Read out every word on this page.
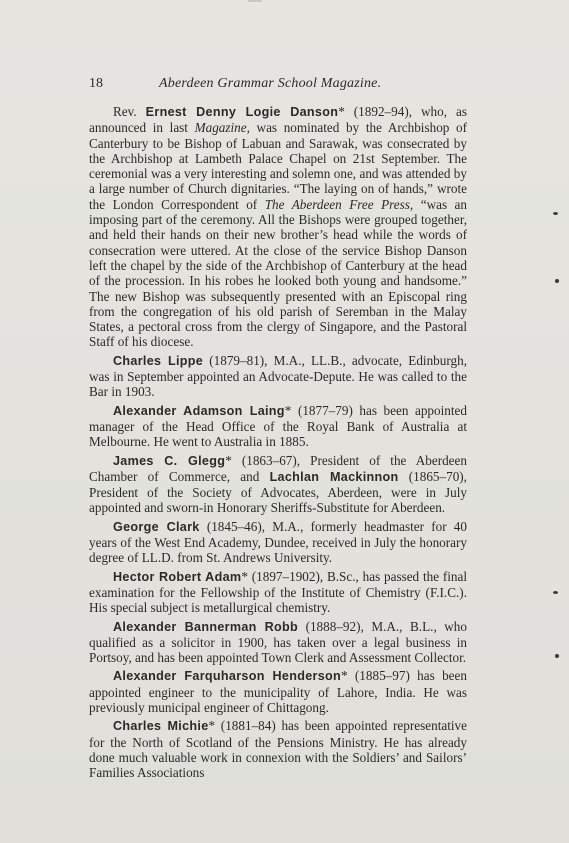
18	Aberdeen Grammar School Magazine.

Rev. Ernest Denny Logie Danson* (1892–94), who, as announced in last Magazine, was nominated by the Archbishop of Canterbury to be Bishop of Labuan and Sarawak, was consecrated by the Archbishop at Lambeth Palace Chapel on 21st September. The ceremonial was a very interesting and solemn one, and was attended by a large number of Church dignitaries. “The laying on of hands,” wrote the London Correspondent of The Aberdeen Free Press, “was an imposing part of the ceremony. All the Bishops were grouped together, and held their hands on their new brother’s head while the words of consecration were uttered. At the close of the service Bishop Danson left the chapel by the side of the Archbishop of Canterbury at the head of the procession. In his robes he looked both young and handsome.” The new Bishop was subsequently presented with an Episcopal ring from the congregation of his old parish of Seremban in the Malay States, a pectoral cross from the clergy of Singapore, and the Pastoral Staff of his diocese.

Charles Lippe (1879–81), M.A., LL.B., advocate, Edinburgh, was in September appointed an Advocate-Depute. He was called to the Bar in 1903.

Alexander Adamson Laing* (1877–79) has been appointed manager of the Head Office of the Royal Bank of Australia at Melbourne. He went to Australia in 1885.

James C. Glegg* (1863–67), President of the Aberdeen Chamber of Commerce, and Lachlan Mackinnon (1865–70), President of the Society of Advocates, Aberdeen, were in July appointed and sworn-in Honorary Sheriffs-Substitute for Aberdeen.

George Clark (1845–46), M.A., formerly headmaster for 40 years of the West End Academy, Dundee, received in July the honorary degree of LL.D. from St. Andrews University.

Hector Robert Adam* (1897–1902), B.Sc., has passed the final examination for the Fellowship of the Institute of Chemistry (F.I.C.). His special subject is metallurgical chemistry.

Alexander Bannerman Robb (1888–92), M.A., B.L., who qualified as a solicitor in 1900, has taken over a legal business in Portsoy, and has been appointed Town Clerk and Assessment Collector.

Alexander Farquharson Henderson* (1885–97) has been appointed engineer to the municipality of Lahore, India. He was previously municipal engineer of Chittagong.

Charles Michie* (1881–84) has been appointed representative for the North of Scotland of the Pensions Ministry. He has already done much valuable work in connexion with the Soldiers’ and Sailors’ Families Associations
